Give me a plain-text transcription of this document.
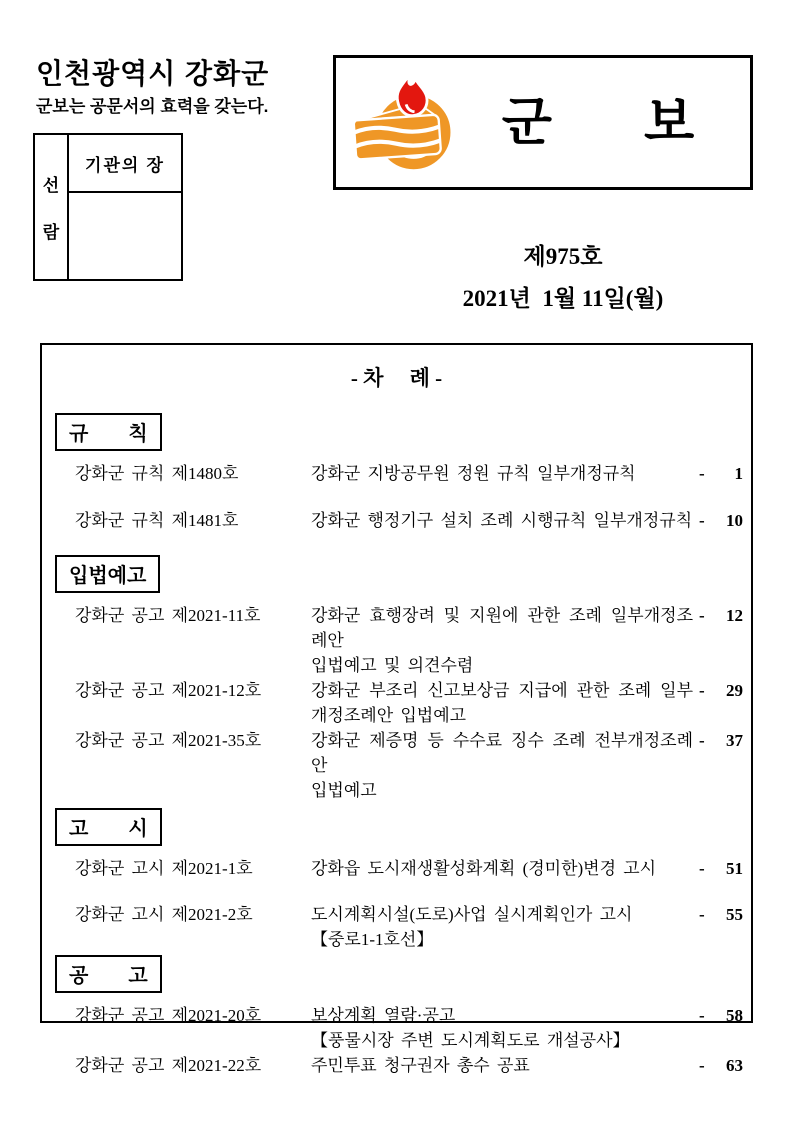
인천광역시 강화군
군보는 공문서의 효력을 갖는다.
선
람
기관의 장
군 보
제975호
2021년  1월 11일(월)
- 차　 례 -
규　　칙
강화군 규칙 제1480호	강화군 지방공무원 정원 규칙 일부개정규칙	- 1
강화군 규칙 제1481호	강화군 행정기구 설치 조례 시행규칙 일부개정규칙 - 10
입법예고
강화군 공고 제2021-11호	강화군 효행장려 및 지원에 관한 조례 일부개정조례안
입법예고 및 의견수렴
- 12
강화군 공고 제2021-12호	강화군 부조리 신고보상금 지급에 관한 조례 일부
개정조례안 입법예고
- 29
강화군 공고 제2021-35호	강화군 제증명 등 수수료 징수 조례 전부개정조례안
입법예고
- 37
고　　시
강화군 고시 제2021-1호	강화읍 도시재생활성화계획 (경미한)변경 고시	- 51
강화군 고시 제2021-2호	도시계획시설(도로)사업 실시계획인가 고시
【중로1-1호선】
- 55
공　　고
강화군 공고 제2021-20호	보상계획 열람·공고
【풍물시장 주변 도시계획도로 개설공사】
- 58
강화군 공고 제2021-22호	주민투표 청구권자 총수 공표	- 63
